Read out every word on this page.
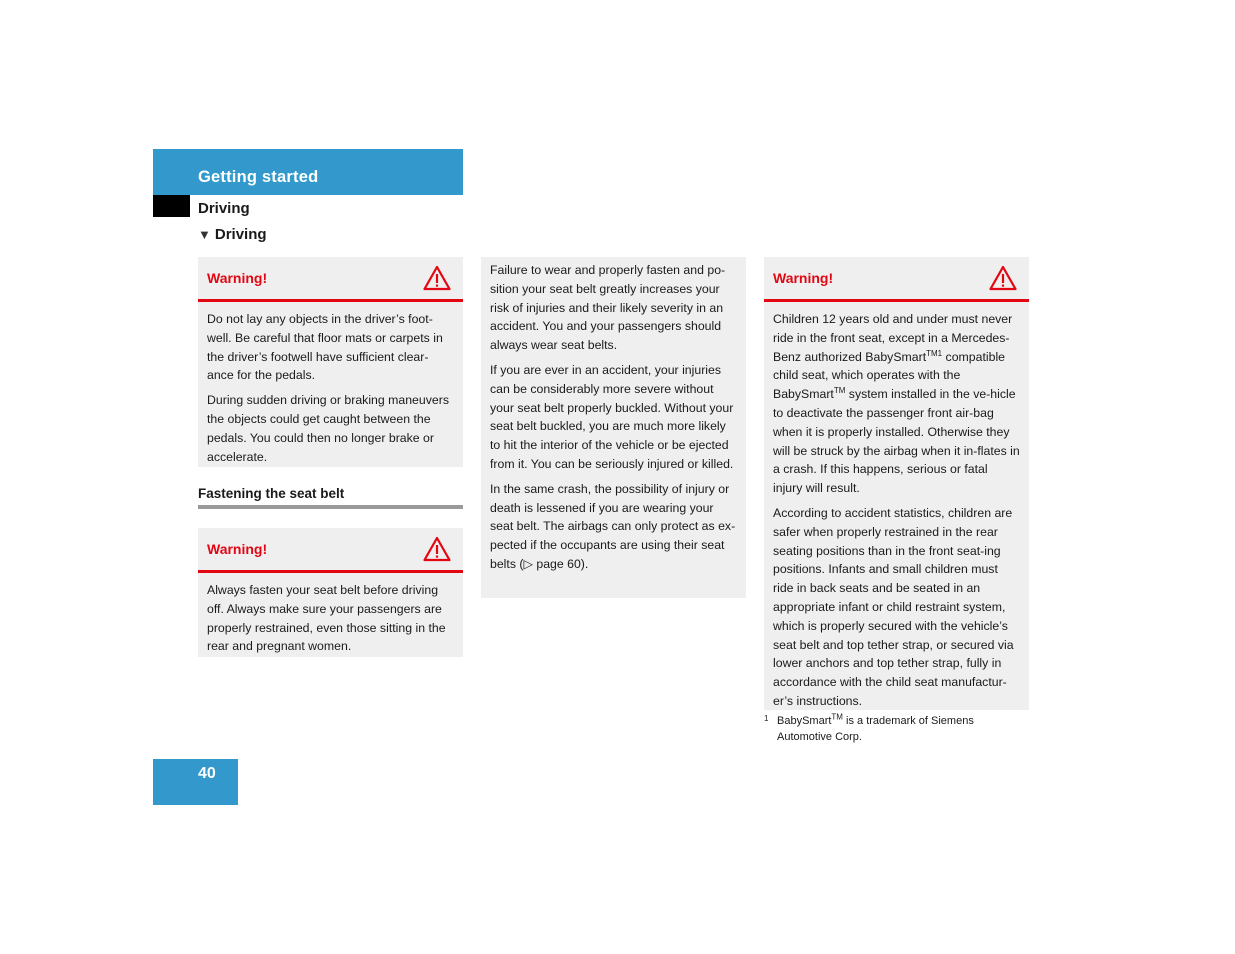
Getting started
Driving
▼ Driving
Warning!

Do not lay any objects in the driver’s foot-well. Be careful that floor mats or carpets in the driver’s footwell have sufficient clear-ance for the pedals.

During sudden driving or braking maneuvers the objects could get caught between the pedals. You could then no longer brake or accelerate.

Fastening the seat belt
Warning!

Always fasten your seat belt before driving off. Always make sure your passengers are properly restrained, even those sitting in the rear and pregnant women.

Failure to wear and properly fasten and po-sition your seat belt greatly increases your risk of injuries and their likely severity in an accident. You and your passengers should always wear seat belts.

If you are ever in an accident, your injuries can be considerably more severe without your seat belt properly buckled. Without your seat belt buckled, you are much more likely to hit the interior of the vehicle or be ejected from it. You can be seriously injured or killed.

In the same crash, the possibility of injury or death is lessened if you are wearing your seat belt. The airbags can only protect as ex-pected if the occupants are using their seat belts (▷ page 60).

Warning!

Children 12 years old and under must never ride in the front seat, except in a Mercedes-Benz authorized BabySmart$^{TM1}$ compatible child seat, which operates with the BabySmart™ system installed in the ve-hicle to deactivate the passenger front air-bag when it is properly installed. Otherwise they will be struck by the airbag when it in-flates in a crash. If this happens, serious or fatal injury will result.

According to accident statistics, children are safer when properly restrained in the rear seating positions than in the front seat-ing positions. Infants and small children must ride in back seats and be seated in an appropriate infant or child restraint system, which is properly secured with the vehicle’s seat belt and top tether strap, or secured via lower anchors and top tether strap, fully in accordance with the child seat manufactur-er’s instructions.

1 BabySmart™ is a trademark of Siemens Automotive Corp.
40
